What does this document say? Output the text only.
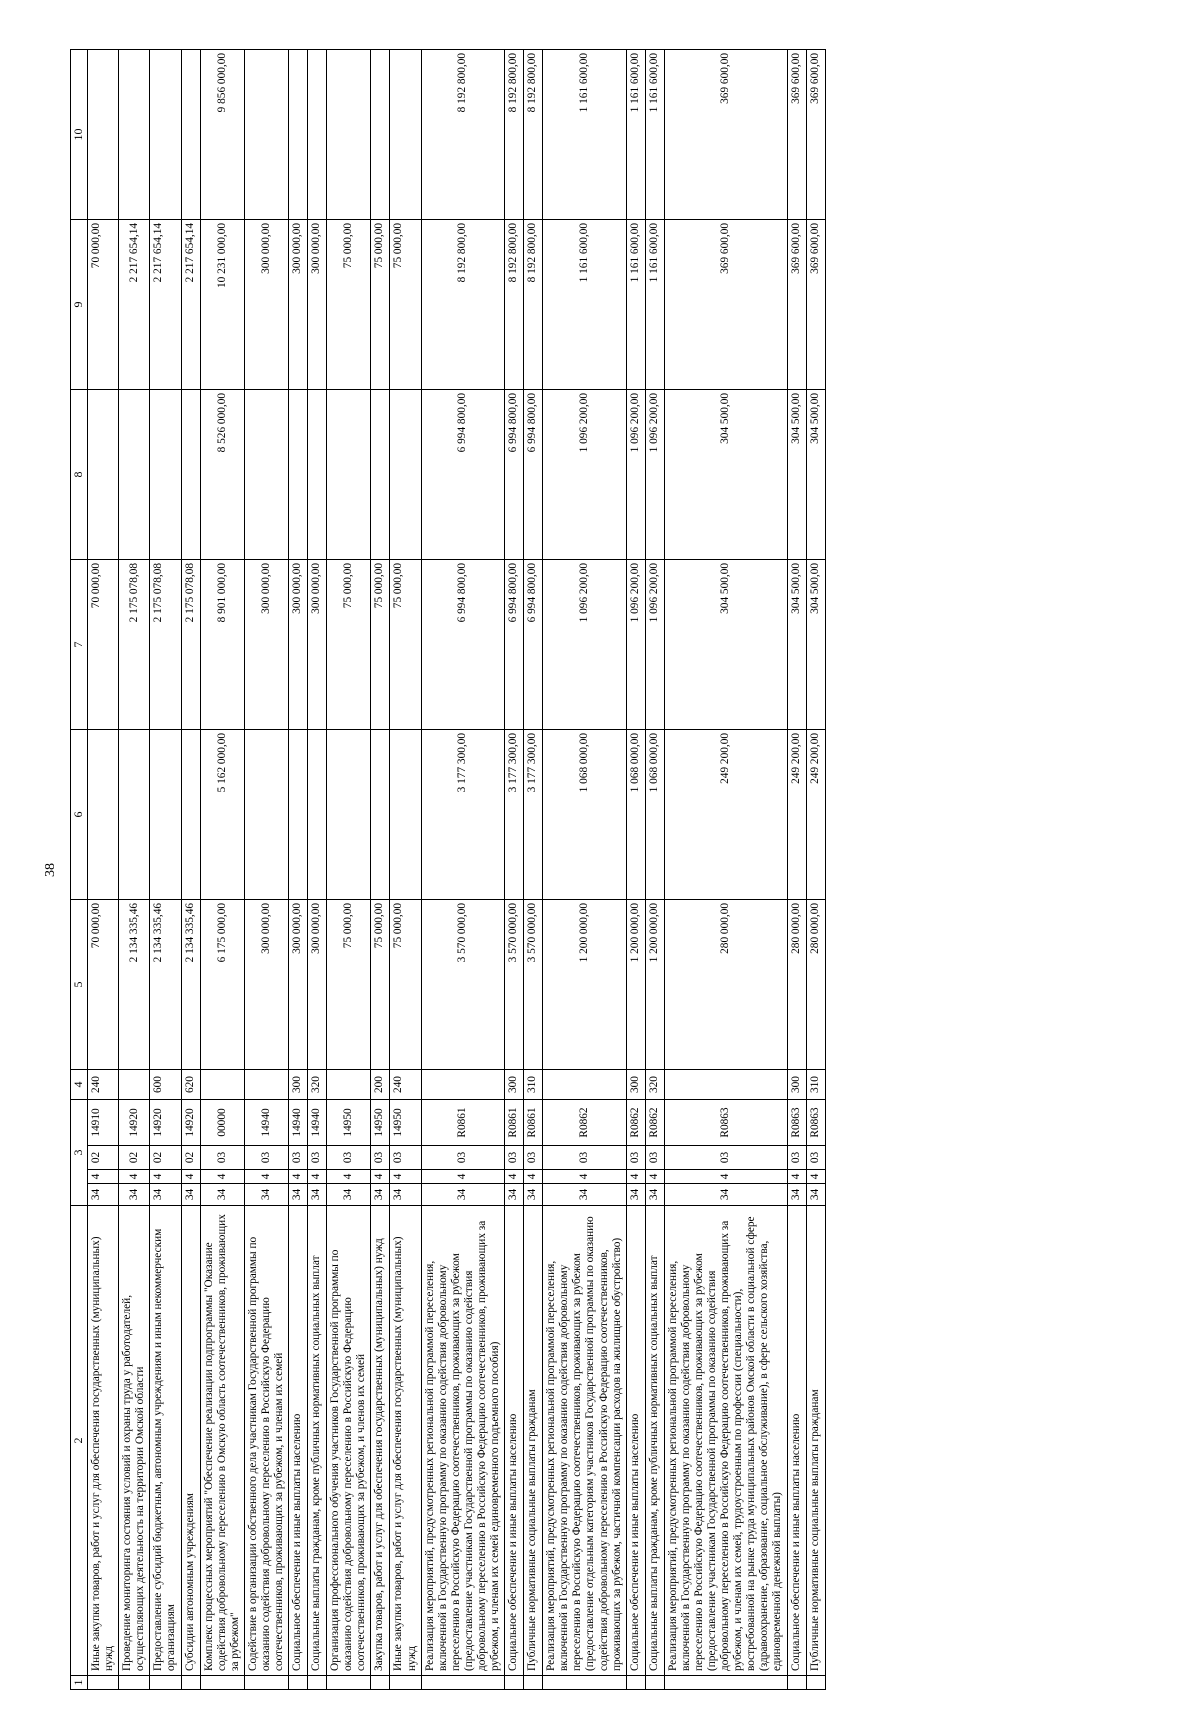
38
1	2	3				4	5	6	7	8	9	10
	Иные закупки товаров, работ и услуг для обеспечения государственных (муниципальных) нужд	34	4	02	14910	240	70 000,00		70 000,00		70 000,00	
	Проведение мониторинга состояния условий и охраны труда у работодателей, осуществляющих деятельность на территории Омской области	34	4	02	14920		2 134 335,46		2 175 078,08		2 217 654,14	
	Предоставление субсидий бюджетным, автономным учреждениям и иным некоммерческим организациям	34	4	02	14920	600	2 134 335,46		2 175 078,08		2 217 654,14	
	Субсидии автономным учреждениям	34	4	02	14920	620	2 134 335,46		2 175 078,08		2 217 654,14	
	Комплекс процессных мероприятий "Обеспечение реализации подпрограммы "Оказание содействия добровольному переселению в Омскую область соотечественников, проживающих за рубежом"	34	4	03	00000		6 175 000,00	5 162 000,00	8 901 000,00	8 526 000,00	10 231 000,00	9 856 000,00
	Содействие в организации собственного дела участникам Государственной программы по оказанию содействия добровольному переселению в Российскую Федерацию соотечественников, проживающих за рубежом, и членам их семей	34	4	03	14940		300 000,00		300 000,00		300 000,00	
	Социальное обеспечение и иные выплаты населению	34	4	03	14940	300	300 000,00		300 000,00		300 000,00	
	Социальные выплаты гражданам, кроме публичных нормативных социальных выплат	34	4	03	14940	320	300 000,00		300 000,00		300 000,00	
	Организация профессионального обучения участников Государственной программы по оказанию содействия добровольному переселению в Российскую Федерацию соотечественников, проживающих за рубежом, и членов их семей	34	4	03	14950		75 000,00		75 000,00		75 000,00	
	Закупка товаров, работ и услуг для обеспечения государственных (муниципальных) нужд	34	4	03	14950	200	75 000,00		75 000,00		75 000,00	
	Иные закупки товаров, работ и услуг для обеспечения государственных (муниципальных) нужд	34	4	03	14950	240	75 000,00		75 000,00		75 000,00	
	Реализация мероприятий, предусмотренных региональной программой переселения, включенной в Государственную программу по оказанию содействия добровольному переселению в Российскую Федерацию соотечественников, проживающих за рубежом (предоставление участникам Государственной программы по оказанию содействия добровольному переселению в Российскую Федерацию соотечественников, проживающих за рубежом, и членам их семей единовременного подъемного пособия)	34	4	03	R0861		3 570 000,00	3 177 300,00	6 994 800,00	6 994 800,00	8 192 800,00	8 192 800,00
	Социальное обеспечение и иные выплаты населению	34	4	03	R0861	300	3 570 000,00	3 177 300,00	6 994 800,00	6 994 800,00	8 192 800,00	8 192 800,00
	Публичные нормативные социальные выплаты гражданам	34	4	03	R0861	310	3 570 000,00	3 177 300,00	6 994 800,00	6 994 800,00	8 192 800,00	8 192 800,00
	Реализация мероприятий, предусмотренных региональной программой переселения, включенной в Государственную программу по оказанию содействия добровольному переселению в Российскую Федерацию соотечественников, проживающих за рубежом (предоставление отдельным категориям участников Государственной программы по оказанию содействия добровольному переселению в Российскую Федерацию соотечественников, проживающих за рубежом, частичной компенсации расходов на жилищное обустройство)	34	4	03	R0862		1 200 000,00	1 068 000,00	1 096 200,00	1 096 200,00	1 161 600,00	1 161 600,00
	Социальное обеспечение и иные выплаты населению	34	4	03	R0862	300	1 200 000,00	1 068 000,00	1 096 200,00	1 096 200,00	1 161 600,00	1 161 600,00
	Социальные выплаты гражданам, кроме публичных нормативных социальных выплат	34	4	03	R0862	320	1 200 000,00	1 068 000,00	1 096 200,00	1 096 200,00	1 161 600,00	1 161 600,00
	Реализация мероприятий, предусмотренных региональной программой переселения, включенной в Государственную программу по оказанию содействия добровольному переселению в Российскую Федерацию соотечественников, проживающих за рубежом (предоставление участникам Государственной программы по оказанию содействия добровольному переселению в Российскую Федерацию соотечественников, проживающих за рубежом, и членам их семей, трудоустроенным по профессии (специальности), востребованной на рынке труда муниципальных районов Омской области в социальной сфере (здравоохранение, образование, социальное обслуживание), в сфере сельского хозяйства, единовременной денежной выплаты)	34	4	03	R0863		280 000,00	249 200,00	304 500,00	304 500,00	369 600,00	369 600,00
	Социальное обеспечение и иные выплаты населению	34	4	03	R0863	300	280 000,00	249 200,00	304 500,00	304 500,00	369 600,00	369 600,00
	Публичные нормативные социальные выплаты гражданам	34	4	03	R0863	310	280 000,00	249 200,00	304 500,00	304 500,00	369 600,00	369 600,00
